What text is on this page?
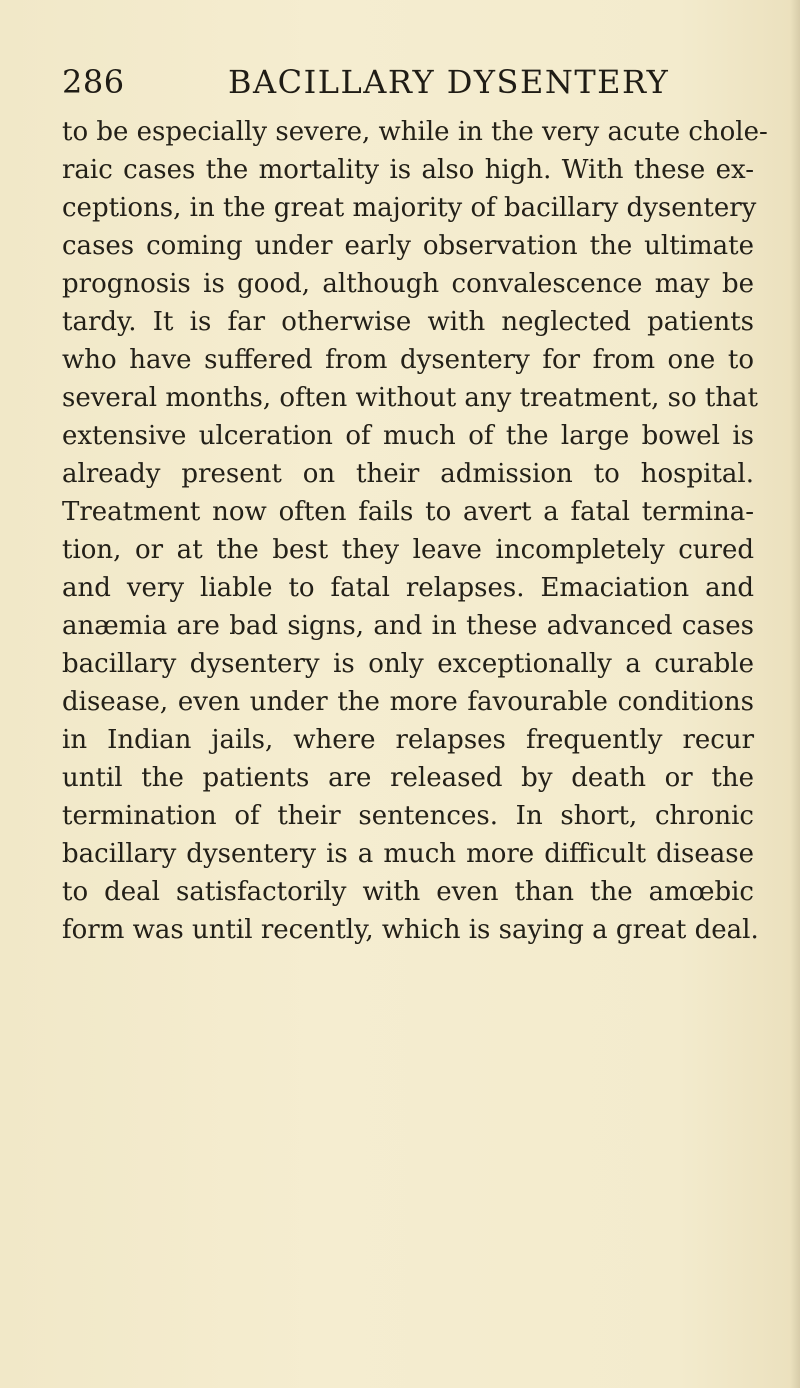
286	BACILLARY DYSENTERY
to be especially severe, while in the very acute chole-
raic cases the mortality is also high. With these ex-
ceptions, in the great majority of bacillary dysentery
cases coming under early observation the ultimate
prognosis is good, although convalescence may be
tardy. It is far otherwise with neglected patients
who have suffered from dysentery for from one to
several months, often without any treatment, so that
extensive ulceration of much of the large bowel is
already present on their admission to hospital.
Treatment now often fails to avert a fatal termina-
tion, or at the best they leave incompletely cured
and very liable to fatal relapses. Emaciation and
anæmia are bad signs, and in these advanced cases
bacillary dysentery is only exceptionally a curable
disease, even under the more favourable conditions
in Indian jails, where relapses frequently recur
until the patients are released by death or the
termination of their sentences. In short, chronic
bacillary dysentery is a much more difficult disease
to deal satisfactorily with even than the amœbic
form was until recently, which is saying a great deal.
